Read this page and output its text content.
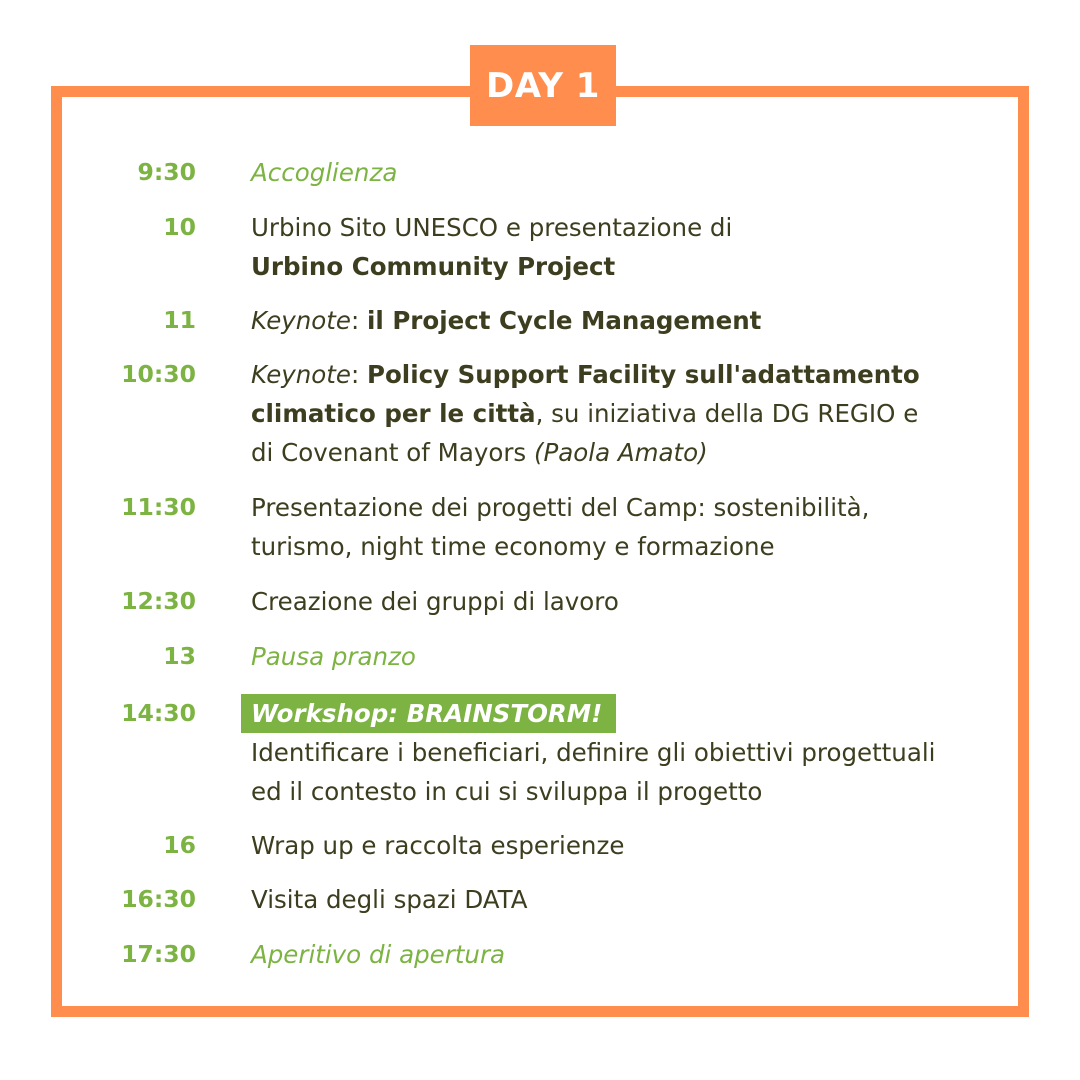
DAY 1
9:30 Accoglienza
10 Urbino Sito UNESCO e presentazione di
Urbino Community Project
11 Keynote: il Project Cycle Management
10:30 Keynote: Policy Support Facility sull'adattamento
climatico per le città, su iniziativa della DG REGIO e
di Covenant of Mayors (Paola Amato)
11:30 Presentazione dei progetti del Camp: sostenibilità,
turismo, night time economy e formazione
12:30 Creazione dei gruppi di lavoro
13 Pausa pranzo
14:30 Workshop: BRAINSTORM!
Identificare i beneficiari, definire gli obiettivi progettuali
ed il contesto in cui si sviluppa il progetto
16 Wrap up e raccolta esperienze
16:30 Visita degli spazi DATA
17:30 Aperitivo di apertura
